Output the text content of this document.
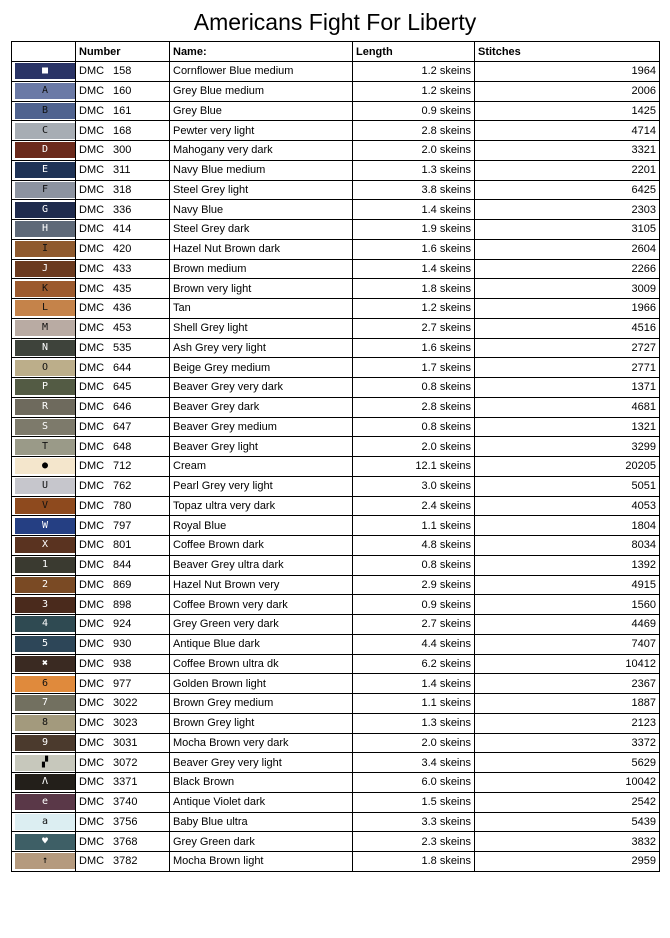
Americans Fight For Liberty
	Number	Name:	Length	Stitches

■	DMC 158	Cornflower Blue medium	1.2 skeins	1964

A	DMC 160	Grey Blue medium	1.2 skeins	2006

B	DMC 161	Grey Blue	0.9 skeins	1425

C	DMC 168	Pewter very light	2.8 skeins	4714

D	DMC 300	Mahogany very dark	2.0 skeins	3321

E	DMC 311	Navy Blue medium	1.3 skeins	2201

F	DMC 318	Steel Grey light	3.8 skeins	6425

G	DMC 336	Navy Blue	1.4 skeins	2303

H	DMC 414	Steel Grey dark	1.9 skeins	3105

I	DMC 420	Hazel Nut Brown dark	1.6 skeins	2604

J	DMC 433	Brown medium	1.4 skeins	2266

K	DMC 435	Brown very light	1.8 skeins	3009

L	DMC 436	Tan	1.2 skeins	1966

M	DMC 453	Shell Grey light	2.7 skeins	4516

N	DMC 535	Ash Grey very light	1.6 skeins	2727

O	DMC 644	Beige Grey medium	1.7 skeins	2771

P	DMC 645	Beaver Grey very dark	0.8 skeins	1371

R	DMC 646	Beaver Grey dark	2.8 skeins	4681

S	DMC 647	Beaver Grey medium	0.8 skeins	1321

T	DMC 648	Beaver Grey light	2.0 skeins	3299

●	DMC 712	Cream	12.1 skeins	20205

U	DMC 762	Pearl Grey very light	3.0 skeins	5051

V	DMC 780	Topaz ultra very dark	2.4 skeins	4053

W	DMC 797	Royal Blue	1.1 skeins	1804

X	DMC 801	Coffee Brown dark	4.8 skeins	8034

1	DMC 844	Beaver Grey ultra dark	0.8 skeins	1392

2	DMC 869	Hazel Nut Brown very	2.9 skeins	4915

3	DMC 898	Coffee Brown very dark	0.9 skeins	1560

4	DMC 924	Grey Green very dark	2.7 skeins	4469

5	DMC 930	Antique Blue dark	4.4 skeins	7407

✖	DMC 938	Coffee Brown ultra dk	6.2 skeins	10412

6	DMC 977	Golden Brown light	1.4 skeins	2367

7	DMC 3022	Brown Grey medium	1.1 skeins	1887

8	DMC 3023	Brown Grey light	1.3 skeins	2123

9	DMC 3031	Mocha Brown very dark	2.0 skeins	3372

▞	DMC 3072	Beaver Grey very light	3.4 skeins	5629

Λ	DMC 3371	Black Brown	6.0 skeins	10042

e	DMC 3740	Antique Violet dark	1.5 skeins	2542

a	DMC 3756	Baby Blue ultra	3.3 skeins	5439

♥	DMC 3768	Grey Green dark	2.3 skeins	3832

↑	DMC 3782	Mocha Brown light	1.8 skeins	2959
